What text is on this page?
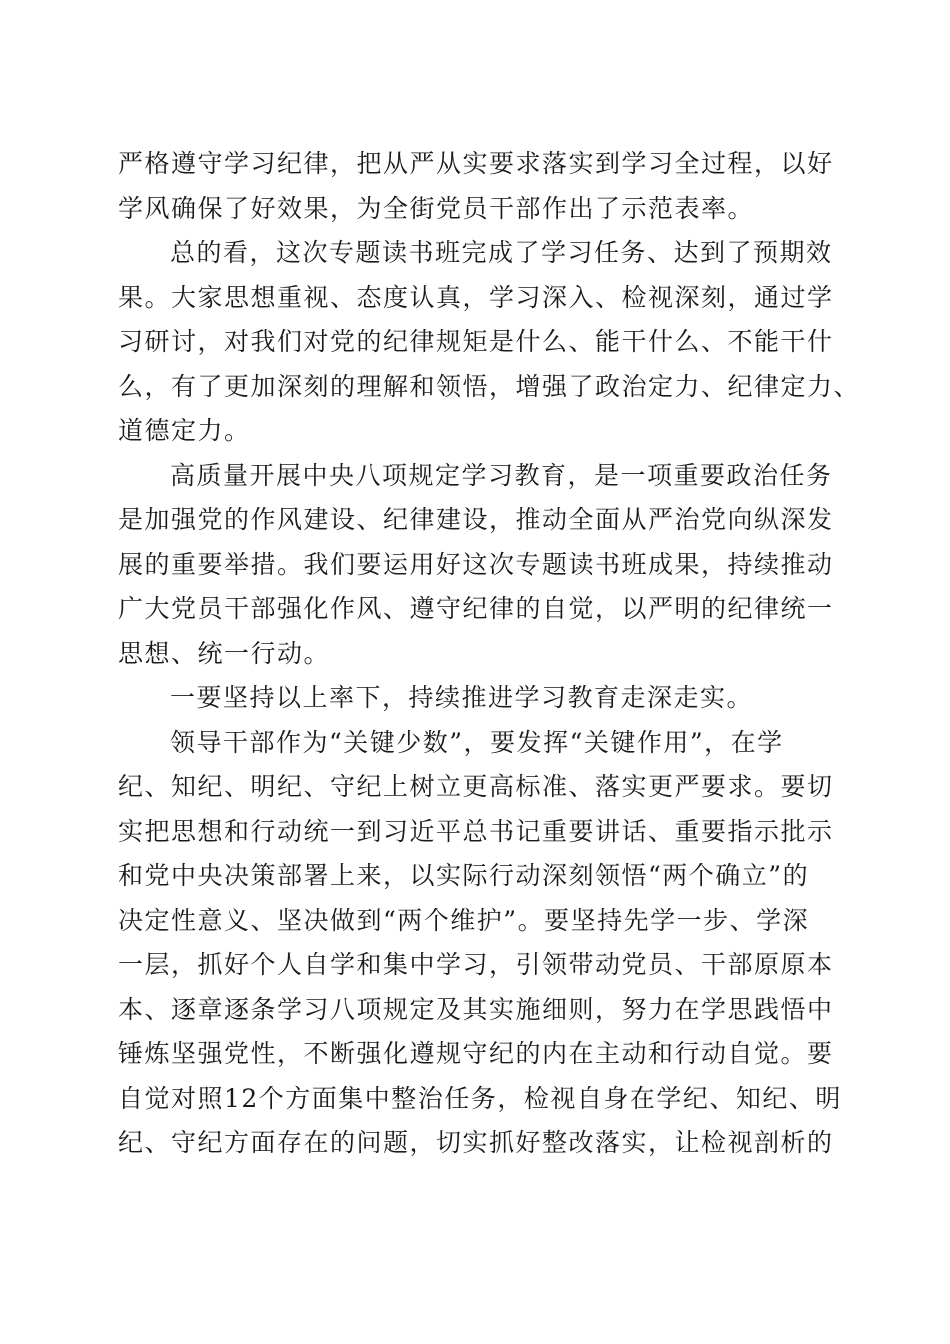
严格遵守学习纪律，把从严从实要求落实到学习全过程，以好
学风确保了好效果，为全街党员干部作出了示范表率。
总的看，这次专题读书班完成了学习任务、达到了预期效
果。大家思想重视、态度认真，学习深入、检视深刻，通过学
习研讨，对我们对党的纪律规矩是什么、能干什么、不能干什
么，有了更加深刻的理解和领悟，增强了政治定力、纪律定力、
道德定力。
高质量开展中央八项规定学习教育，是一项重要政治任务
是加强党的作风建设、纪律建设，推动全面从严治党向纵深发
展的重要举措。我们要运用好这次专题读书班成果，持续推动
广大党员干部强化作风、遵守纪律的自觉，以严明的纪律统一
思想、统一行动。
一要坚持以上率下，持续推进学习教育走深走实。
领导干部作为“关键少数”，要发挥“关键作用”，在学
纪、知纪、明纪、守纪上树立更高标准、落实更严要求。要切
实把思想和行动统一到习近平总书记重要讲话、重要指示批示
和党中央决策部署上来，以实际行动深刻领悟“两个确立”的
决定性意义、坚决做到“两个维护”。要坚持先学一步、学深
一层，抓好个人自学和集中学习，引领带动党员、干部原原本
本、逐章逐条学习八项规定及其实施细则，努力在学思践悟中
锤炼坚强党性，不断强化遵规守纪的内在主动和行动自觉。要
自觉对照12个方面集中整治任务，检视自身在学纪、知纪、明
纪、守纪方面存在的问题，切实抓好整改落实，让检视剖析的
